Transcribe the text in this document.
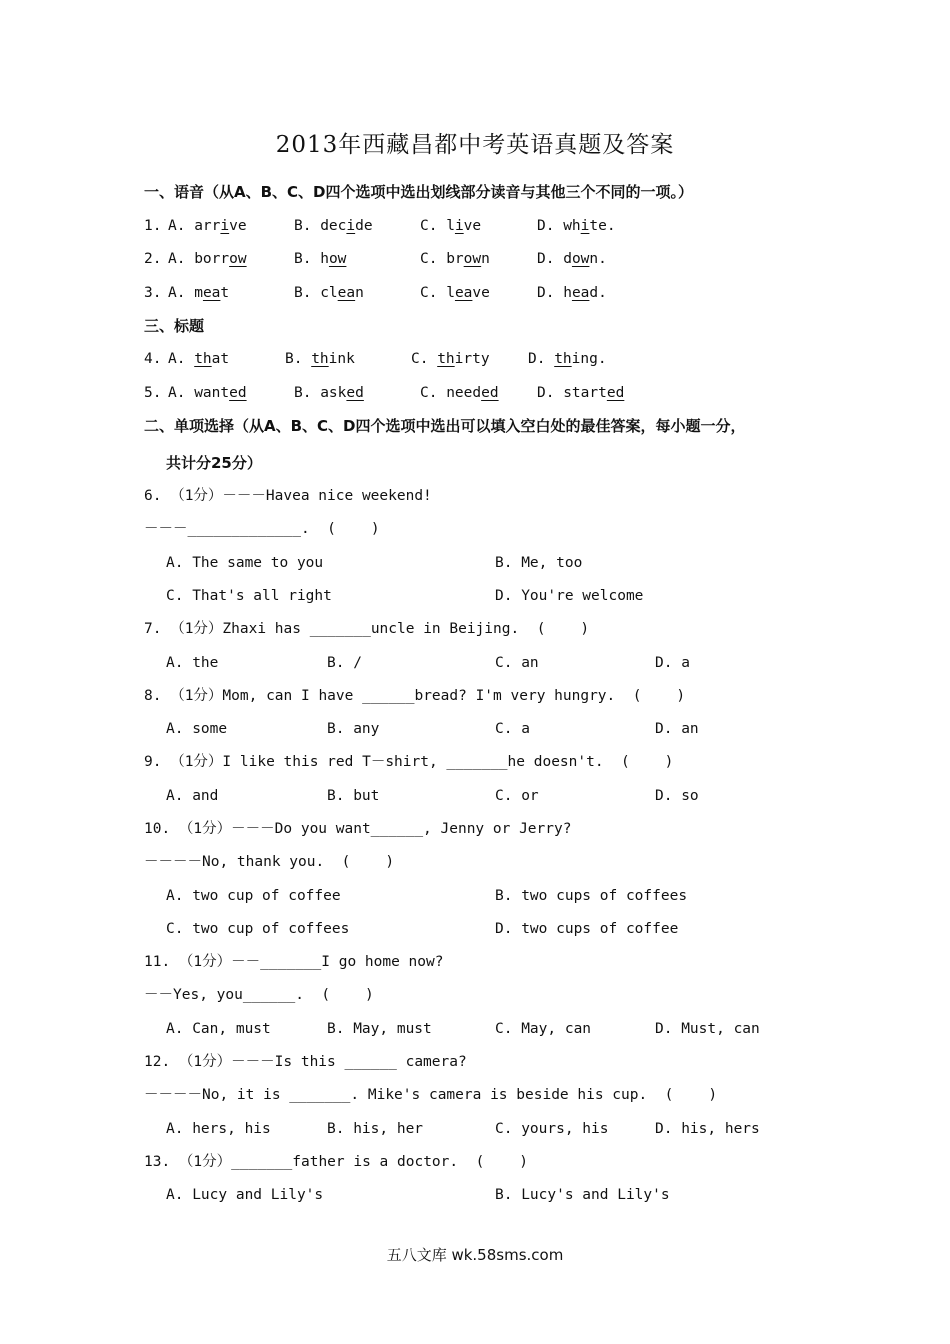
2013年西藏昌都中考英语真题及答案
一、语音（从A、B、C、D四个选项中选出划线部分读音与其他三个不同的一项。）
1. A. arrive	B. decide	C. live	D. white.
2. A. borrow	B. how	C. brown	D. down.
3. A. meat	B. clean	C. leave	D. head.
三、标题
4. A. that	B. think	C. thirty	D. thing.
5. A. wanted	B. asked	C. needed	D. started
二、单项选择（从A、B、C、D四个选项中选出可以填入空白处的最佳答案，每小题一分，
共计分25分）
6. （1分）－－－Havea nice weekend!
－－－_____________.  (    )
A. The same to you	B. Me, too
C. That's all right	D. You're welcome
7. （1分）Zhaxi has _______uncle in Beijing.  (    )
A. the	B. /	C. an	D. a
8. （1分）Mom, can I have ______bread? I'm very hungry.  (    )
A. some	B. any	C. a	D. an
9. （1分）I like this red T－shirt, _______he doesn't.  (    )
A. and	B. but	C. or	D. so
10. （1分）－－－Do you want______, Jenny or Jerry?
－－－－No, thank you.  (    )
A. two cup of coffee	B. two cups of coffees
C. two cup of coffees	D. two cups of coffee
11. （1分）－－_______I go home now?
－－Yes, you______.  (    )
A. Can, must	B. May, must	C. May, can	D. Must, can
12. （1分）－－－Is this ______ camera?
－－－－No, it is _______. Mike's camera is beside his cup.  (    )
A. hers, his	B. his, her	C. yours, his	D. his, hers
13. （1分）_______father is a doctor.  (    )
A. Lucy and Lily's	B. Lucy's and Lily's
五八文库 wk.58sms.com
